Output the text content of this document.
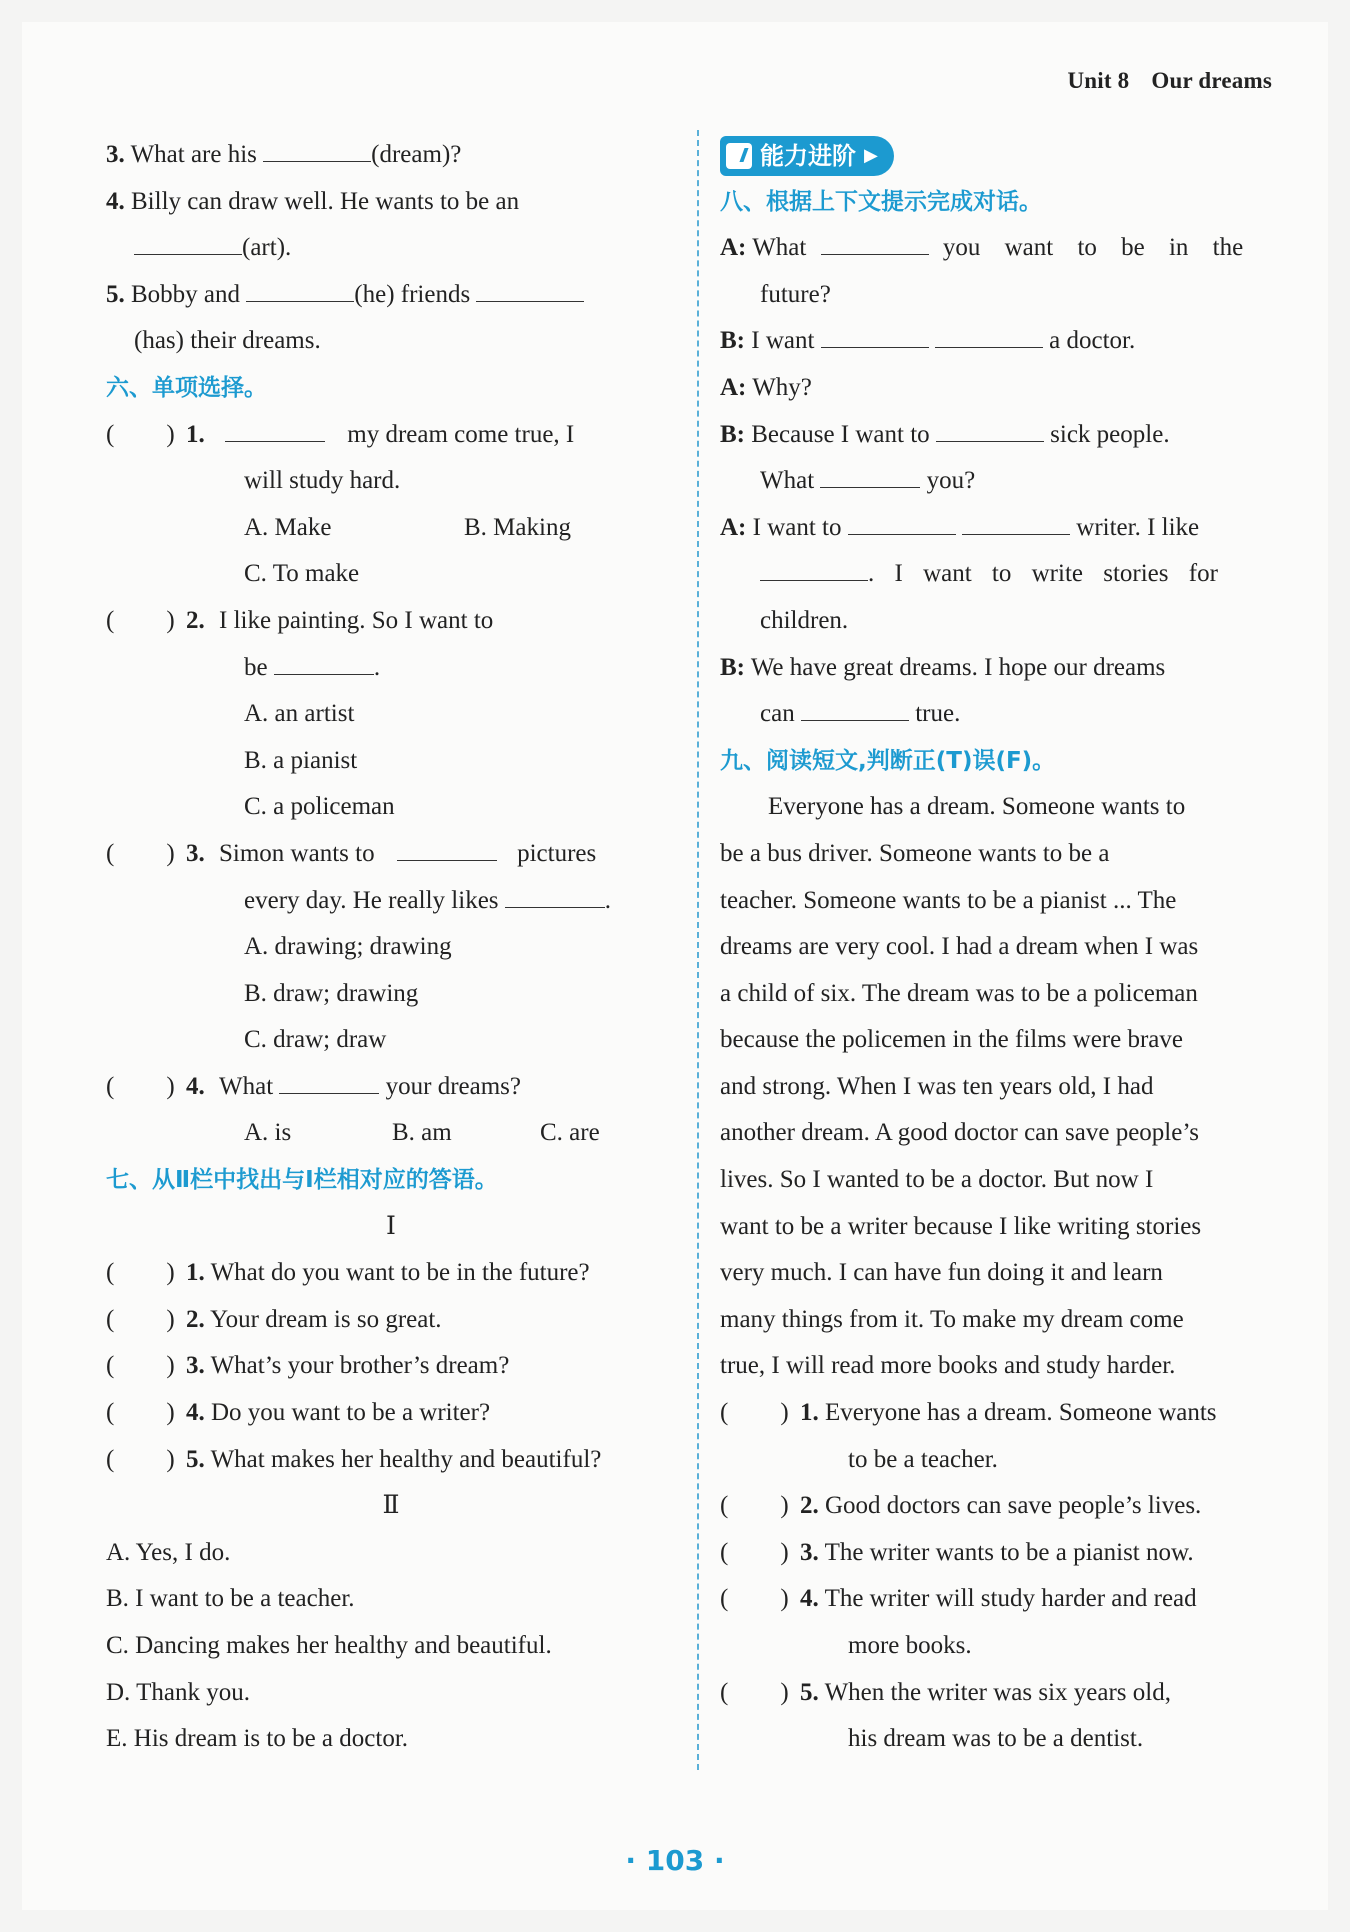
Unit 8 Our dreams
3. What are his	(dream)?
4. Billy can draw well. He wants to be an
(art).
5. Bobby and	(he) friends
(has) their dreams.
六、单项选择。
( ) 1.	my dream come true, I
will study hard.
A. Make	B. Making
C. To make
( ) 2. I like painting. So I want to
be	.
A. an artist
B. a pianist
C. a policeman
( ) 3. Simon wants to	pictures
every day. He really likes	.
A. drawing; drawing
B. draw; drawing
C. draw; draw
( ) 4. What	your dreams?
A. is	B. am	C. are
七、从Ⅱ栏中找出与Ⅰ栏相对应的答语。
Ⅰ
( ) 1. What do you want to be in the future?
( ) 2. Your dream is so great.
( ) 3. What’s your brother’s dream?
( ) 4. Do you want to be a writer?
( ) 5. What makes her healthy and beautiful?
Ⅱ
A. Yes, I do.
B. I want to be a teacher.
C. Dancing makes her healthy and beautiful.
D. Thank you.
E. His dream is to be a doctor.
能力进阶 ▶
八、根据上下文提示完成对话。
A: What	you want to be in the
future?
B: I want	a doctor.
A: Why?
B: Because I want to	sick people.
What	you?
A: I want to	writer. I like
. I want to write stories for
children.
B: We have great dreams. I hope our dreams
can	true.
九、阅读短文,判断正(T)误(F)。
Everyone has a dream. Someone wants to
be a bus driver. Someone wants to be a
teacher. Someone wants to be a pianist ... The
dreams are very cool. I had a dream when I was
a child of six. The dream was to be a policeman
because the policemen in the films were brave
and strong. When I was ten years old, I had
another dream. A good doctor can save people’s
lives. So I wanted to be a doctor. But now I
want to be a writer because I like writing stories
very much. I can have fun doing it and learn
many things from it. To make my dream come
true, I will read more books and study harder.
( ) 1. Everyone has a dream. Someone wants
to be a teacher.
( ) 2. Good doctors can save people’s lives.
( ) 3. The writer wants to be a pianist now.
( ) 4. The writer will study harder and read
more books.
( ) 5. When the writer was six years old,
his dream was to be a dentist.
· 103 ·
